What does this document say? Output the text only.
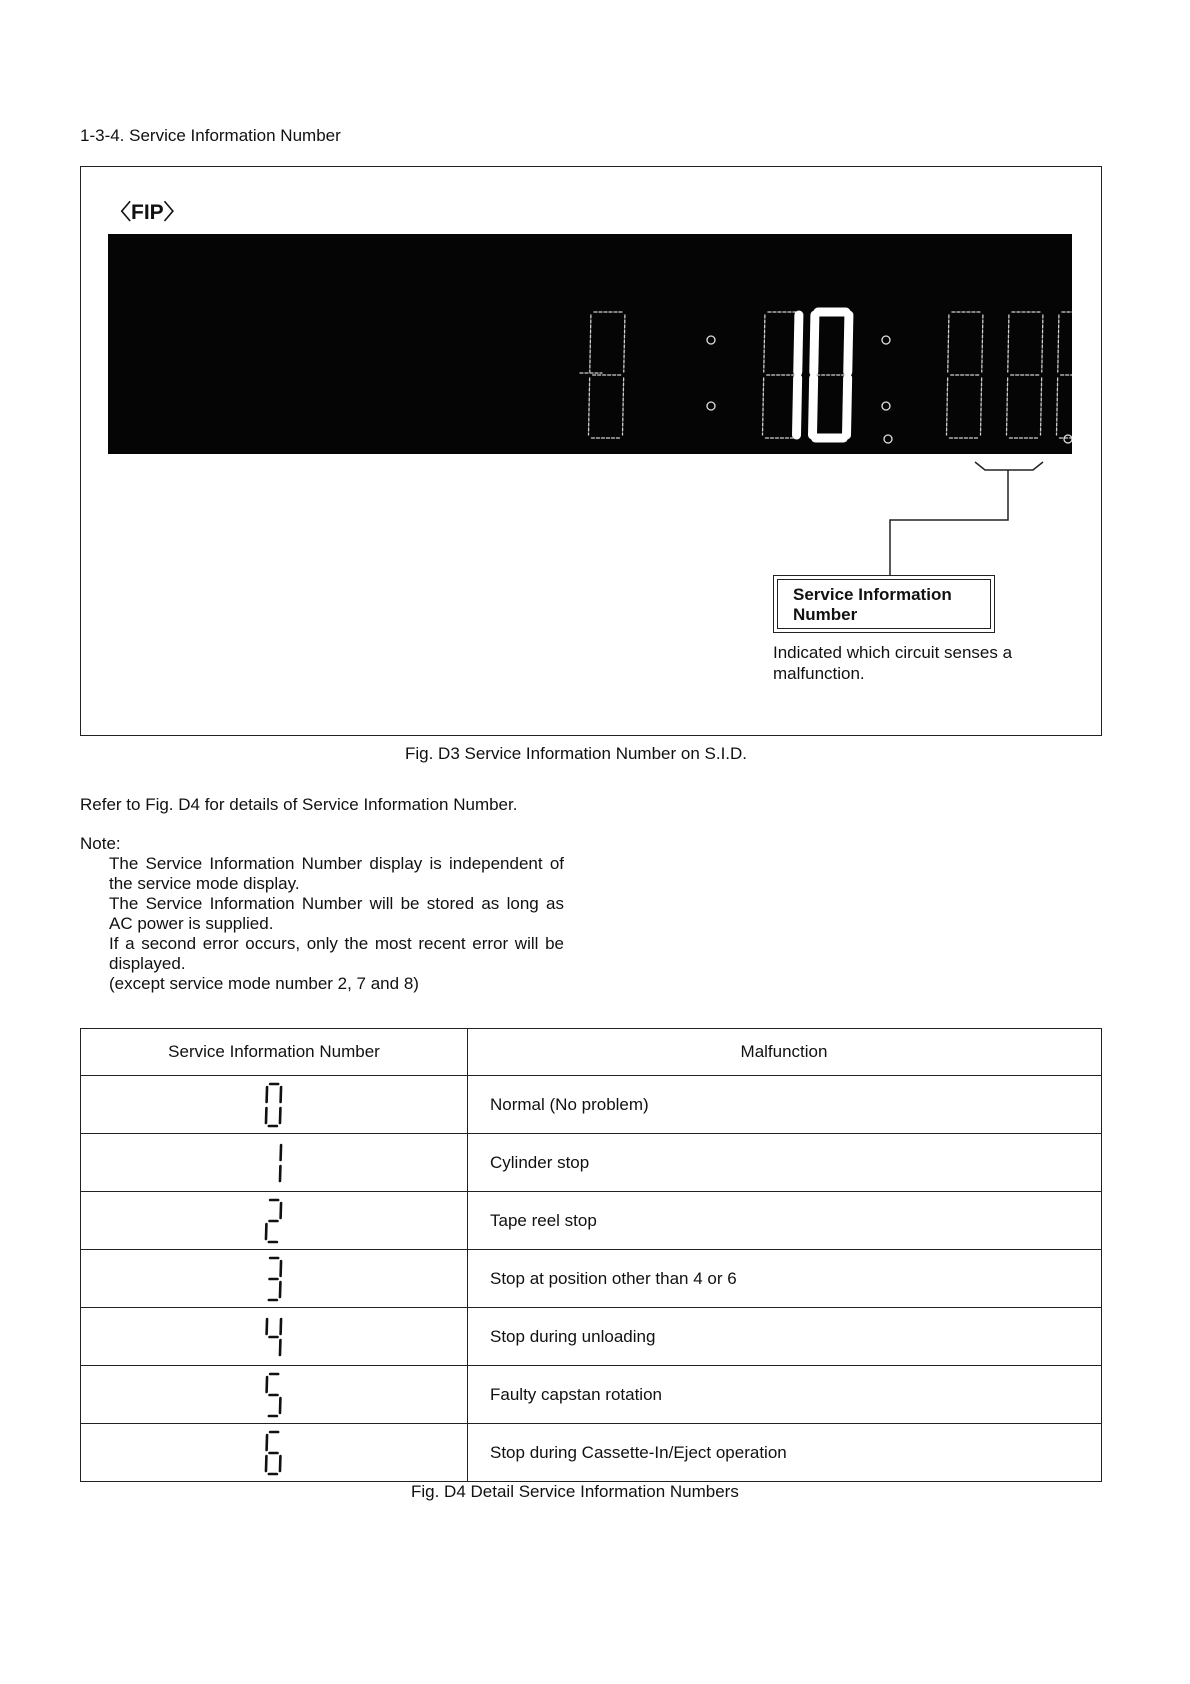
1-3-4. Service Information Number
〈FIP〉
Service Information
Number
Indicated which circuit senses a malfunction.
Fig. D3 Service Information Number on S.I.D.
Refer to Fig. D4 for details of Service Information Number.
Note:

The Service Information Number display is independent of the service mode display.

The Service Information Number will be stored as long as AC power is supplied.

If a second error occurs, only the most recent error will be displayed.

(except service mode number 2, 7 and 8)

Service Information Number	Malfunction

	Normal (No problem)

	Cylinder stop

	Tape reel stop

	Stop at position other than 4 or 6

	Stop during unloading

	Faulty capstan rotation

	Stop during Cassette-In/Eject operation
Fig. D4 Detail Service Information Numbers
